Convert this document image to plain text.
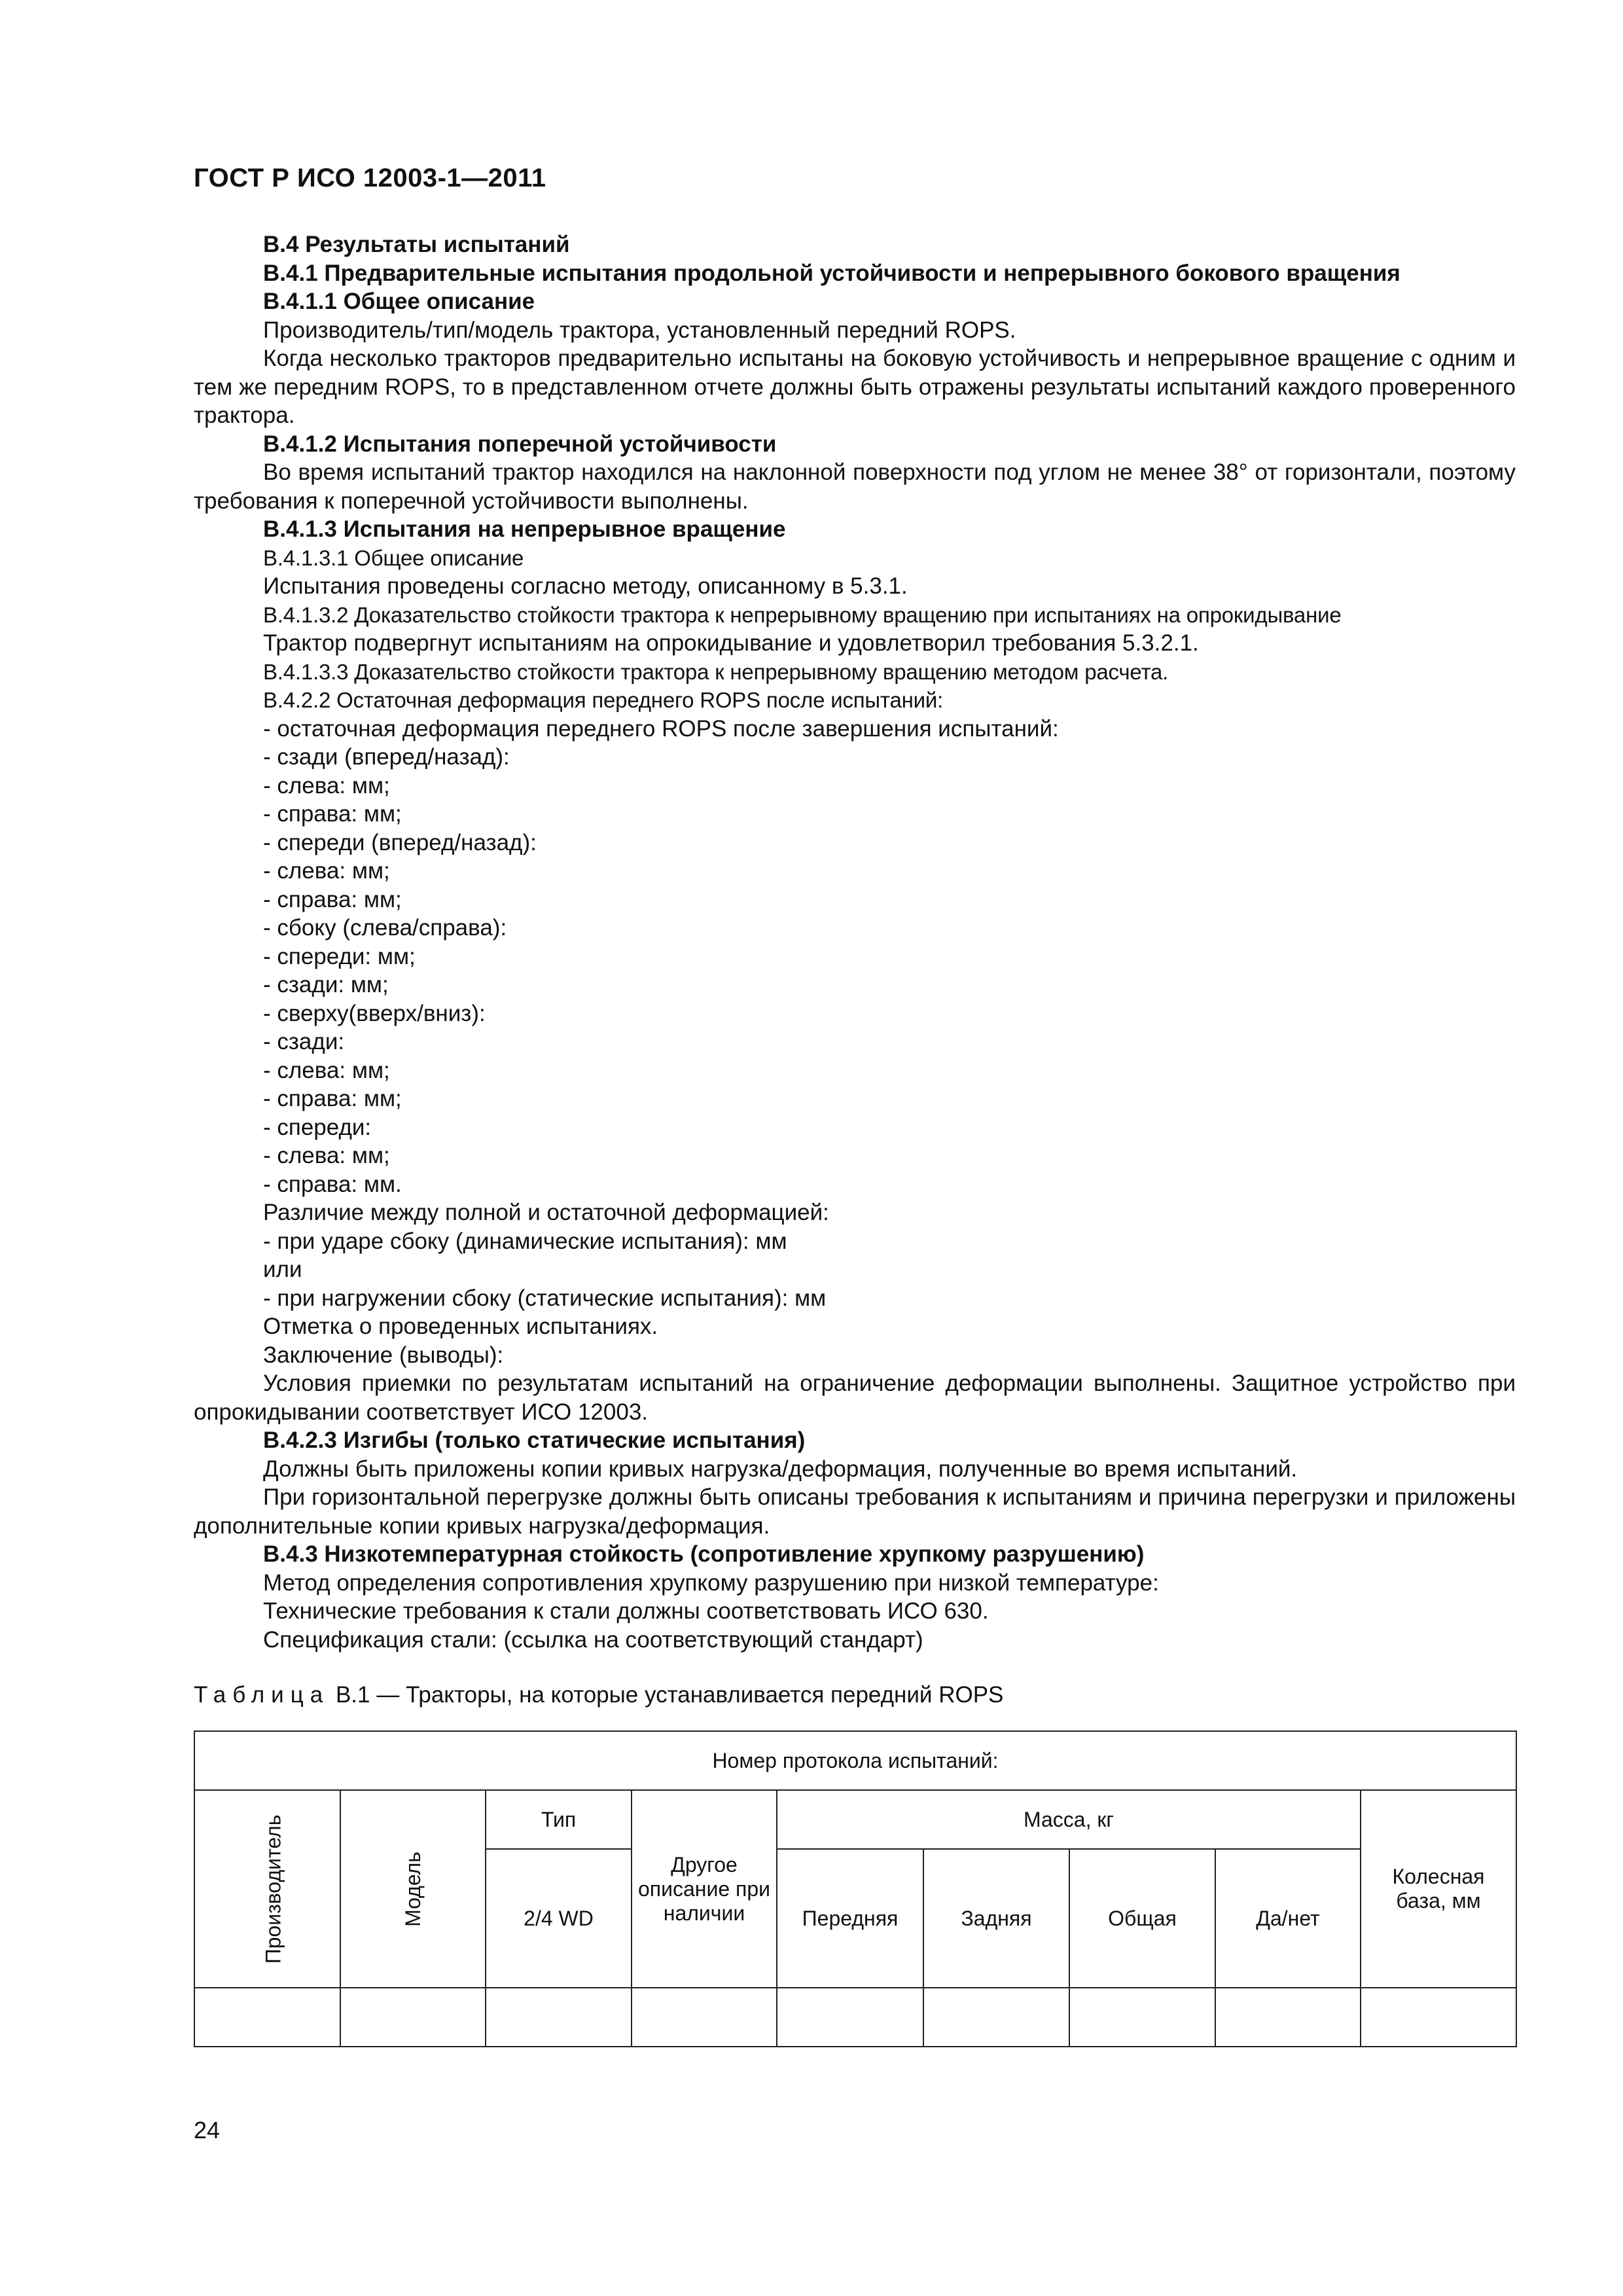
ГОСТ Р ИСО 12003-1—2011

B.4 Результаты испытаний

B.4.1 Предварительные испытания продольной устойчивости и непрерывного бокового вращения

B.4.1.1 Общее описание

Производитель/тип/модель трактора, установленный передний ROPS.

Когда несколько тракторов предварительно испытаны на боковую устойчивость и непрерывное вращение с одним и тем же передним ROPS, то в представленном отчете должны быть отражены результаты испытаний каждого проверенного трактора.

B.4.1.2 Испытания поперечной устойчивости

Во время испытаний трактор находился на наклонной поверхности под углом не менее 38° от горизонтали, поэтому требования к поперечной устойчивости выполнены.

B.4.1.3 Испытания на непрерывное вращение

B.4.1.3.1 Общее описание

Испытания проведены согласно методу, описанному в 5.3.1.

B.4.1.3.2 Доказательство стойкости трактора к непрерывному вращению при испытаниях на опрокидывание

Трактор подвергнут испытаниям на опрокидывание и удовлетворил требования 5.3.2.1.

B.4.1.3.3 Доказательство стойкости трактора к непрерывному вращению методом расчета.

B.4.2.2 Остаточная деформация переднего ROPS после испытаний:

- остаточная деформация переднего ROPS после завершения испытаний:

- сзади (вперед/назад):

- слева: мм;

- справа: мм;

- спереди (вперед/назад):

- слева: мм;

- справа: мм;

- сбоку (слева/справа):

- спереди: мм;

- сзади: мм;

- сверху(вверх/вниз):

- сзади:

- слева: мм;

- справа: мм;

- спереди:

- слева: мм;

- справа: мм.

Различие между полной и остаточной деформацией:

- при ударе сбоку (динамические испытания): мм

или

- при нагружении сбоку (статические испытания): мм

Отметка о проведенных испытаниях.

Заключение (выводы):

Условия приемки по результатам испытаний на ограничение деформации выполнены. Защитное устройство при опрокидывании соответствует ИСО 12003.

B.4.2.3 Изгибы (только статические испытания)

Должны быть приложены копии кривых нагрузка/деформация, полученные во время испытаний.

При горизонтальной перегрузке должны быть описаны требования к испытаниям и причина перегрузки и приложены дополнительные копии кривых нагрузка/деформация.

B.4.3 Низкотемпературная стойкость (сопротивление хрупкому разрушению)

Метод определения сопротивления хрупкому разрушению при низкой температуре:

Технические требования к стали должны соответствовать ИСО 630.

Спецификация стали: (ссылка на соответствующий стандарт)

Таблица B.1 — Тракторы, на которые устанавливается передний ROPS
Номер протокола испытаний:								
Производитель	Модель	Тип	Другое описание при наличии	Масса, кг				Колесная база, мм
		2/4 WD		Передняя	Задняя	Общая	Да/нет	

24
